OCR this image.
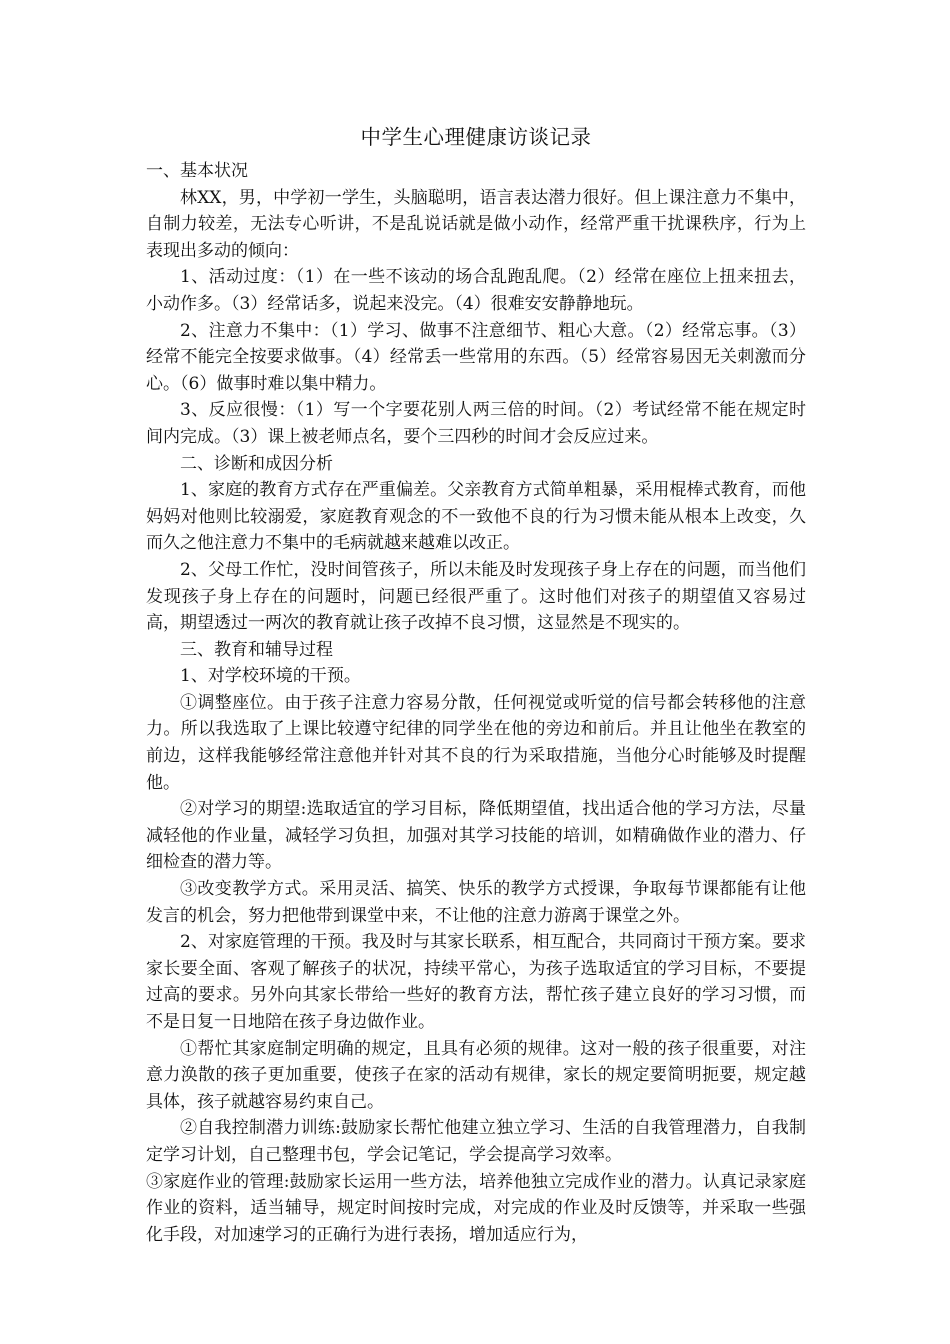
中学生心理健康访谈记录

一、基本状况

林XX，男，中学初一学生，头脑聪明，语言表达潜力很好。但上课注意力不集中，自制力较差，无法专心听讲，不是乱说话就是做小动作，经常严重干扰课秩序，行为上表现出多动的倾向：

1、活动过度：（1）在一些不该动的场合乱跑乱爬。（2）经常在座位上扭来扭去，小动作多。（3）经常话多，说起来没完。（4）很难安安静静地玩。

2、注意力不集中：（1）学习、做事不注意细节、粗心大意。（2）经常忘事。（3）经常不能完全按要求做事。（4）经常丢一些常用的东西。（5）经常容易因无关刺激而分心。（6）做事时难以集中精力。

3、反应很慢：（1）写一个字要花别人两三倍的时间。（2）考试经常不能在规定时间内完成。（3）课上被老师点名，要个三四秒的时间才会反应过来。

二、诊断和成因分析

1、家庭的教育方式存在严重偏差。父亲教育方式简单粗暴，采用棍棒式教育，而他妈妈对他则比较溺爱，家庭教育观念的不一致他不良的行为习惯未能从根本上改变，久而久之他注意力不集中的毛病就越来越难以改正。

2、父母工作忙，没时间管孩子，所以未能及时发现孩子身上存在的问题，而当他们发现孩子身上存在的问题时，问题已经很严重了。这时他们对孩子的期望值又容易过高，期望透过一两次的教育就让孩子改掉不良习惯，这显然是不现实的。

三、教育和辅导过程

1、对学校环境的干预。

①调整座位。由于孩子注意力容易分散，任何视觉或听觉的信号都会转移他的注意力。所以我选取了上课比较遵守纪律的同学坐在他的旁边和前后。并且让他坐在教室的前边，这样我能够经常注意他并针对其不良的行为采取措施，当他分心时能够及时提醒他。

②对学习的期望:选取适宜的学习目标，降低期望值，找出适合他的学习方法，尽量减轻他的作业量，减轻学习负担，加强对其学习技能的培训，如精确做作业的潜力、仔细检查的潜力等。

③改变教学方式。采用灵活、搞笑、快乐的教学方式授课，争取每节课都能有让他发言的机会，努力把他带到课堂中来，不让他的注意力游离于课堂之外。

2、对家庭管理的干预。我及时与其家长联系，相互配合，共同商讨干预方案。要求家长要全面、客观了解孩子的状况，持续平常心，为孩子选取适宜的学习目标，不要提过高的要求。另外向其家长带给一些好的教育方法，帮忙孩子建立良好的学习习惯，而不是日复一日地陪在孩子身边做作业。

①帮忙其家庭制定明确的规定，且具有必须的规律。这对一般的孩子很重要，对注意力涣散的孩子更加重要，使孩子在家的活动有规律，家长的规定要简明扼要，规定越具体，孩子就越容易约束自己。

②自我控制潜力训练:鼓励家长帮忙他建立独立学习、生活的自我管理潜力，自我制定学习计划，自己整理书包，学会记笔记，学会提高学习效率。

③家庭作业的管理:鼓励家长运用一些方法，培养他独立完成作业的潜力。认真记录家庭作业的资料，适当辅导，规定时间按时完成，对完成的作业及时反馈等，并采取一些强化手段，对加速学习的正确行为进行表扬，增加适应行为，
